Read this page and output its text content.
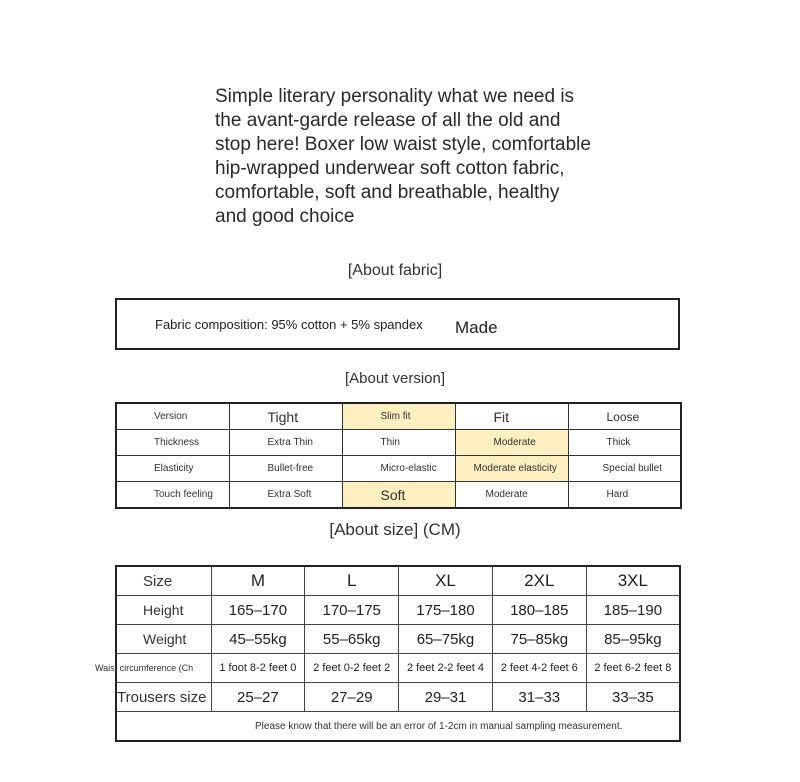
Simple literary personality what we need is the avant-garde release of all the old and stop here! Boxer low waist style, comfortable hip-wrapped underwear soft cotton fabric, comfortable, soft and breathable, healthy and good choice
[About fabric]
Fabric composition: 95% cotton + 5% spandex Made
[About version]
Version	Tight	Slim fit	Fit	Loose
Thickness	Extra Thin	Thin	Moderate	Thick
Elasticity	Bullet-free	Micro-elastic	Moderate elasticity	Special bullet
Touch feeling	Extra Soft	Soft	Moderate	Hard
[About size] (CM)
Size	M	L	XL	2XL	3XL
Height	165–170	170–175	175–180	180–185	185–190
Weight	45–55kg	55–65kg	65–75kg	75–85kg	85–95kg
Waist circumference (Ch	1 foot 8-2 feet 0	2 feet 0-2 feet 2	2 feet 2-2 feet 4	2 feet 4-2 feet 6	2 feet 6-2 feet 8
Trousers size	25–27	27–29	29–31	31–33	33–35
Please know that there will be an error of 1-2cm in manual sampling measurement.					
